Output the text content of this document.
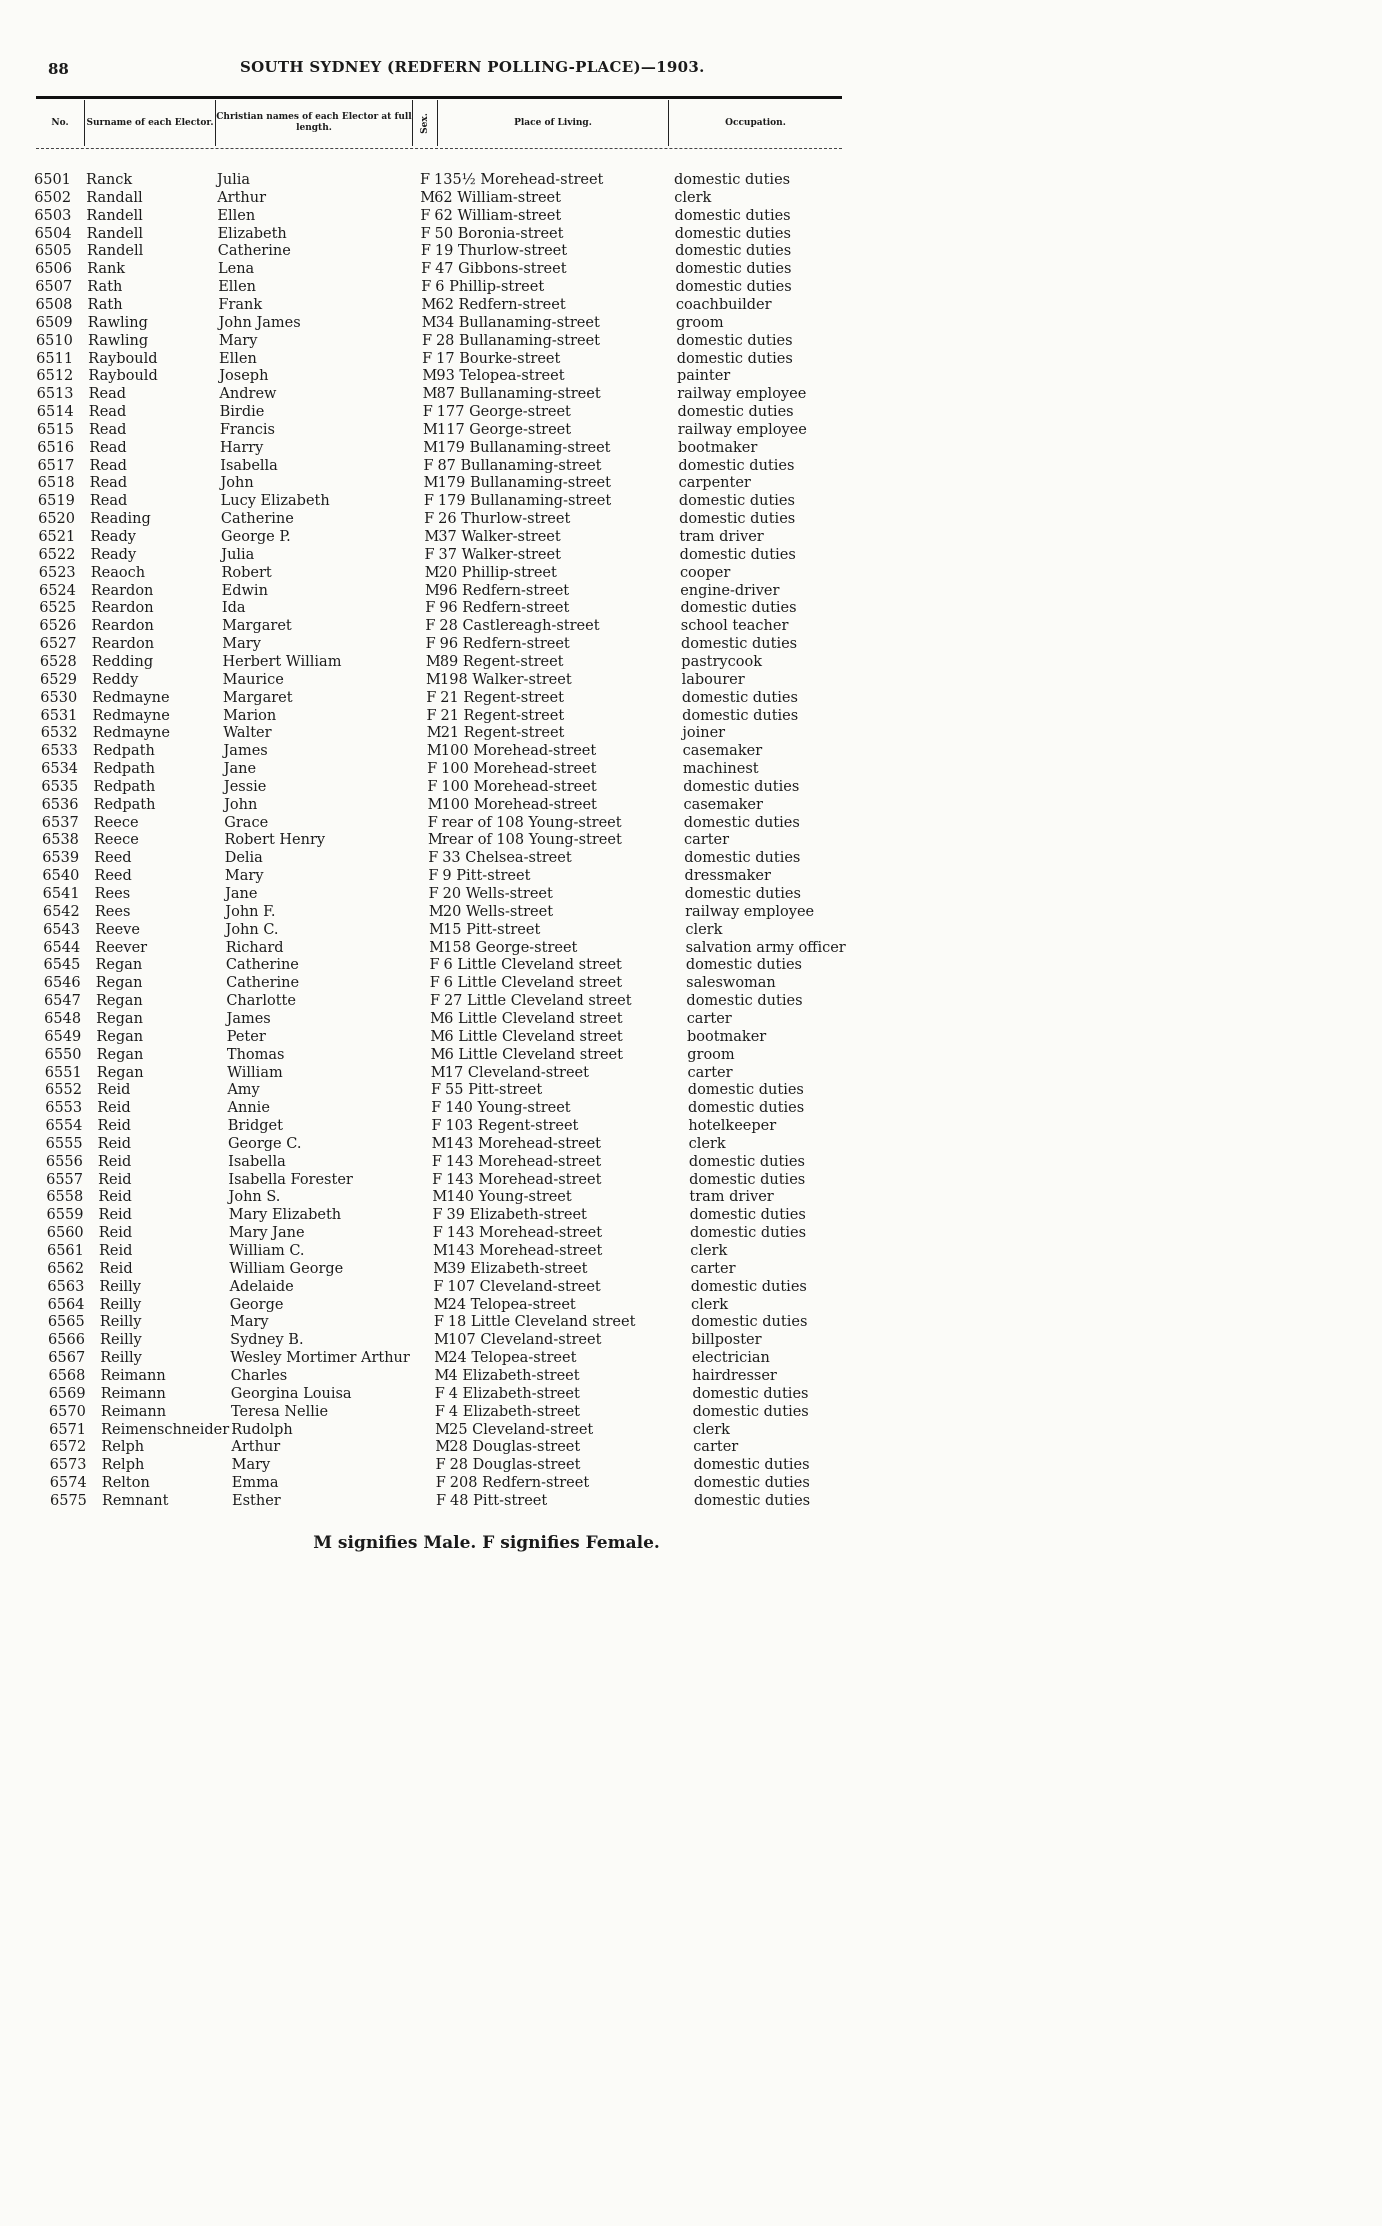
88	SOUTH SYDNEY (REDFERN POLLING-PLACE)—1903.
No. Surname of each Elector.
Christian names of each Elector at full length.	Sex.	Place of Living.	Occupation.
6501 Ranck	Julia	F 135½ Morehead-street	domestic duties
6502 Randall	Arthur	M 62 William-street	clerk
6503 Randell	Ellen	F 62 William-street	domestic duties
6504 Randell	Elizabeth	F 50 Boronia-street	domestic duties
6505 Randell	Catherine	F 19 Thurlow-street	domestic duties
6506 Rank	Lena	F 47 Gibbons-street	domestic duties
6507 Rath	Ellen	F 6 Phillip-street	domestic duties
6508 Rath	Frank	M 62 Redfern-street	coachbuilder
6509 Rawling	John James	M 34 Bullanaming-street	groom
6510 Rawling	Mary	F 28 Bullanaming-street	domestic duties
6511 Raybould	Ellen	F 17 Bourke-street	domestic duties
6512 Raybould	Joseph	M 93 Telopea-street	painter
6513 Read	Andrew	M 87 Bullanaming-street	railway employee
6514 Read	Birdie	F 177 George-street	domestic duties
6515 Read	Francis	M 117 George-street	railway employee
6516 Read	Harry	M 179 Bullanaming-street	bootmaker
6517 Read	Isabella	F 87 Bullanaming-street	domestic duties
6518 Read	John	M 179 Bullanaming-street	carpenter
6519 Read	Lucy Elizabeth	F 179 Bullanaming-street	domestic duties
6520 Reading	Catherine	F 26 Thurlow-street	domestic duties
6521 Ready	George P.	M 37 Walker-street	tram driver
6522 Ready	Julia	F 37 Walker-street	domestic duties
6523 Reaoch	Robert	M 20 Phillip-street	cooper
6524 Reardon	Edwin	M 96 Redfern-street	engine-driver
6525 Reardon	Ida	F 96 Redfern-street	domestic duties
6526 Reardon	Margaret	F 28 Castlereagh-street	school teacher
6527 Reardon	Mary	F 96 Redfern-street	domestic duties
6528 Redding	Herbert William	M 89 Regent-street	pastrycook
6529 Reddy	Maurice	M 198 Walker-street	labourer
6530 Redmayne	Margaret	F 21 Regent-street	domestic duties
6531 Redmayne	Marion	F 21 Regent-street	domestic duties
6532 Redmayne	Walter	M 21 Regent-street	joiner
6533 Redpath	James	M 100 Morehead-street	casemaker
6534 Redpath	Jane	F 100 Morehead-street	machinest
6535 Redpath	Jessie	F 100 Morehead-street	domestic duties
6536 Redpath	John	M 100 Morehead-street	casemaker
6537 Reece	Grace	F rear of 108 Young-street	domestic duties
6538 Reece	Robert Henry	M rear of 108 Young-street	carter
6539 Reed	Delia	F 33 Chelsea-street	domestic duties
6540 Reed	Mary	F 9 Pitt-street	dressmaker
6541 Rees	Jane	F 20 Wells-street	domestic duties
6542 Rees	John F.	M 20 Wells-street	railway employee
6543 Reeve	John C.	M 15 Pitt-street	clerk
6544 Reever	Richard	M 158 George-street	salvation army officer
6545 Regan	Catherine	F 6 Little Cleveland street	domestic duties
6546 Regan	Catherine	F 6 Little Cleveland street	saleswoman
6547 Regan	Charlotte	F 27 Little Cleveland street	domestic duties
6548 Regan	James	M 6 Little Cleveland street	carter
6549 Regan	Peter	M 6 Little Cleveland street	bootmaker
6550 Regan	Thomas	M 6 Little Cleveland street	groom
6551 Regan	William	M 17 Cleveland-street	carter
6552 Reid	Amy	F 55 Pitt-street	domestic duties
6553 Reid	Annie	F 140 Young-street	domestic duties
6554 Reid	Bridget	F 103 Regent-street	hotelkeeper
6555 Reid	George C.	M 143 Morehead-street	clerk
6556 Reid	Isabella	F 143 Morehead-street	domestic duties
6557 Reid	Isabella Forester	F 143 Morehead-street	domestic duties
6558 Reid	John S.	M 140 Young-street	tram driver
6559 Reid	Mary Elizabeth	F 39 Elizabeth-street	domestic duties
6560 Reid	Mary Jane	F 143 Morehead-street	domestic duties
6561 Reid	William C.	M 143 Morehead-street	clerk
6562 Reid	William George	M 39 Elizabeth-street	carter
6563 Reilly	Adelaide	F 107 Cleveland-street	domestic duties
6564 Reilly	George	M 24 Telopea-street	clerk
6565 Reilly	Mary	F 18 Little Cleveland street	domestic duties
6566 Reilly	Sydney B.	M 107 Cleveland-street	billposter
6567 Reilly	Wesley Mortimer Arthur M 24 Telopea-street	electrician
6568 Reimann	Charles	M 4 Elizabeth-street	hairdresser
6569 Reimann	Georgina Louisa	F 4 Elizabeth-street	domestic duties
6570 Reimann	Teresa Nellie	F 4 Elizabeth-street	domestic duties
6571 Reimenschneider Rudolph	M 25 Cleveland-street	clerk
6572 Relph	Arthur	M 28 Douglas-street	carter
6573 Relph	Mary	F 28 Douglas-street	domestic duties
6574 Relton	Emma	F 208 Redfern-street	domestic duties
6575 Remnant	Esther	F 48 Pitt-street	domestic duties
M signifies Male. F signifies Female.
